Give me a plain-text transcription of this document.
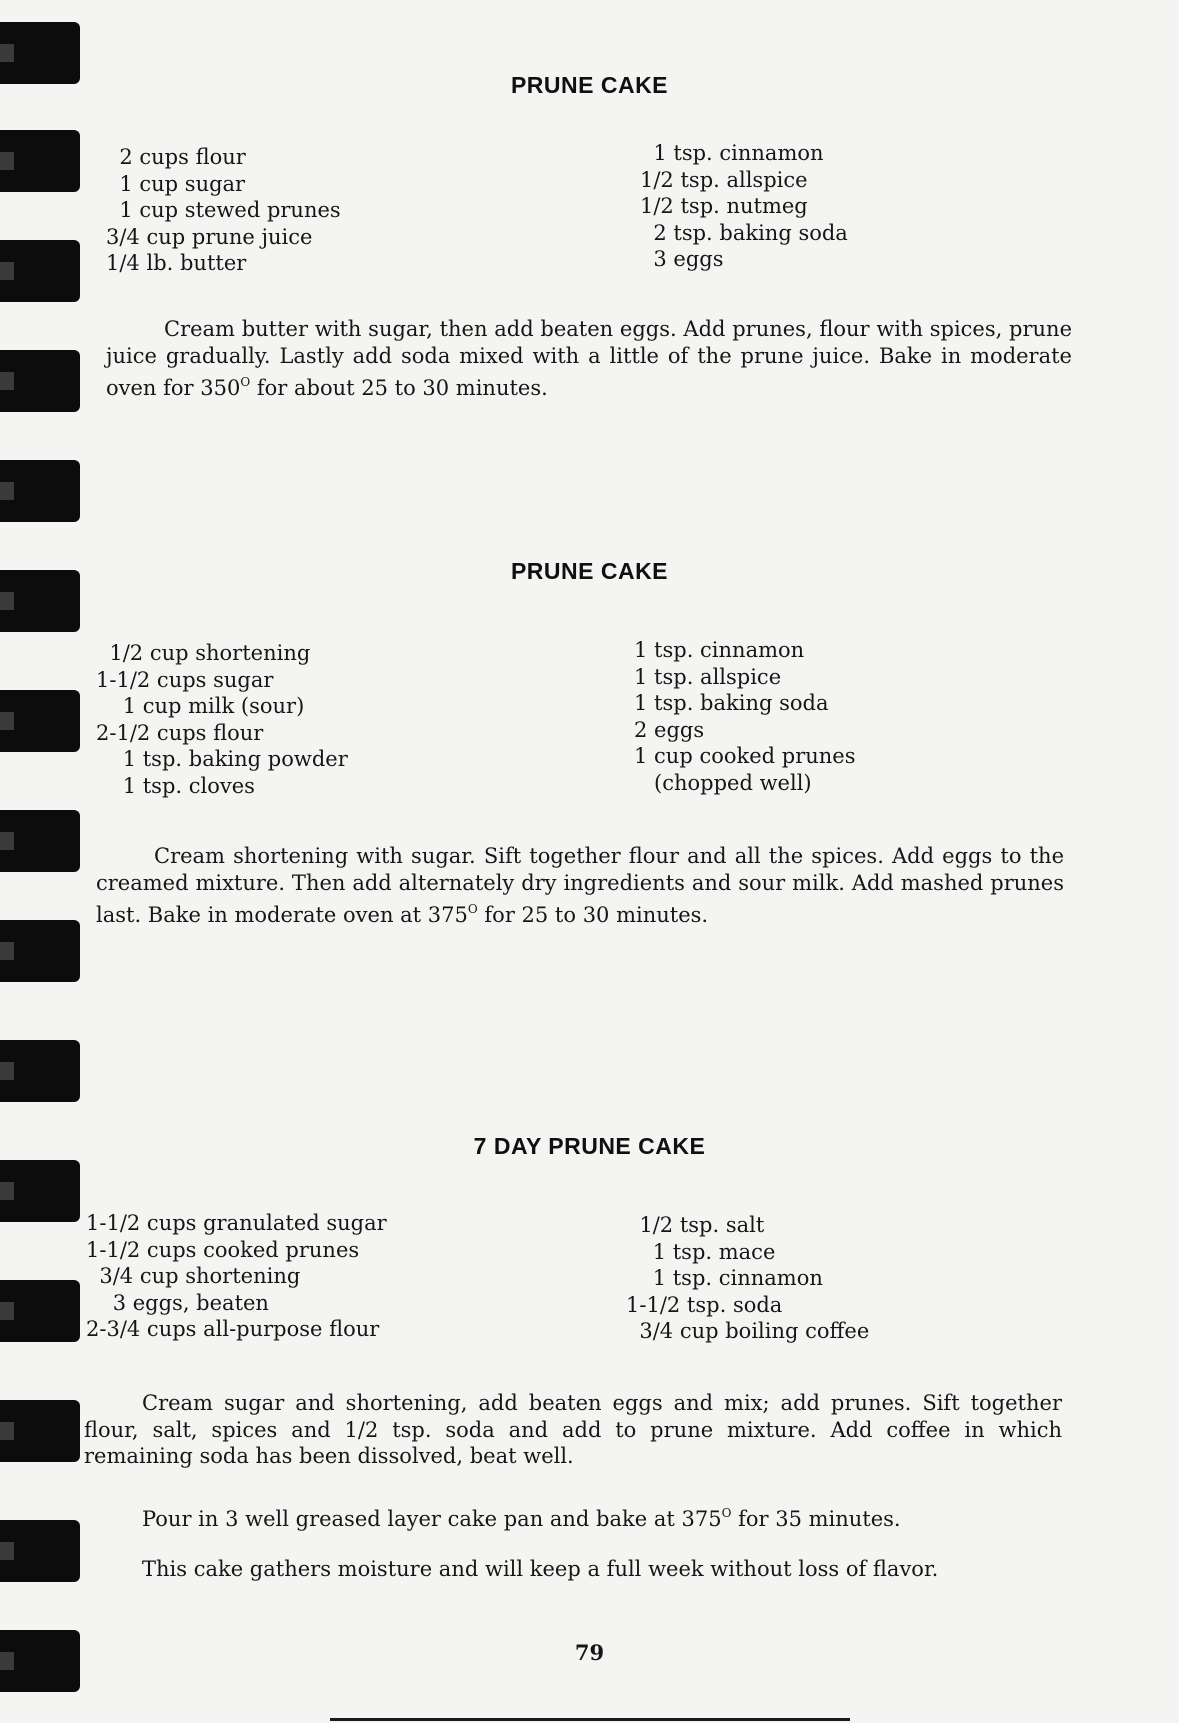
PRUNE CAKE
2 cups flour
1 cup sugar
1 cup stewed prunes
3/4 cup prune juice
1/4 lb. butter
1 tsp. cinnamon
1/2 tsp. allspice
1/2 tsp. nutmeg
2 tsp. baking soda
3 eggs
Cream butter with sugar, then add beaten eggs. Add prunes, flour with spices, prune juice gradually. Lastly add soda mixed with a little of the prune juice. Bake in moderate oven for $350^O$ for about 25 to 30 minutes.
PRUNE CAKE
1/2 cup shortening
1-1/2 cups sugar
1 cup milk (sour)
2-1/2 cups flour
1 tsp. baking powder
1 tsp. cloves
1 tsp. cinnamon
1 tsp. allspice
1 tsp. baking soda
2 eggs
1 cup cooked prunes
(chopped well)
Cream shortening with sugar. Sift together flour and all the spices. Add eggs to the creamed mixture. Then add alternately dry ingredients and sour milk. Add mashed prunes last. Bake in moderate oven at $375^O$ for 25 to 30 minutes.
7 DAY PRUNE CAKE
1-1/2 cups granulated sugar
1-1/2 cups cooked prunes
3/4 cup shortening
3 eggs, beaten
2-3/4 cups all-purpose flour
1/2 tsp. salt
1 tsp. mace
1 tsp. cinnamon
1-1/2 tsp. soda
3/4 cup boiling coffee
Cream sugar and shortening, add beaten eggs and mix; add prunes. Sift together flour, salt, spices and 1/2 tsp. soda and add to prune mixture. Add coffee in which remaining soda has been dissolved, beat well.
Pour in 3 well greased layer cake pan and bake at $375^O$ for 35 minutes.
This cake gathers moisture and will keep a full week without loss of flavor.
79
